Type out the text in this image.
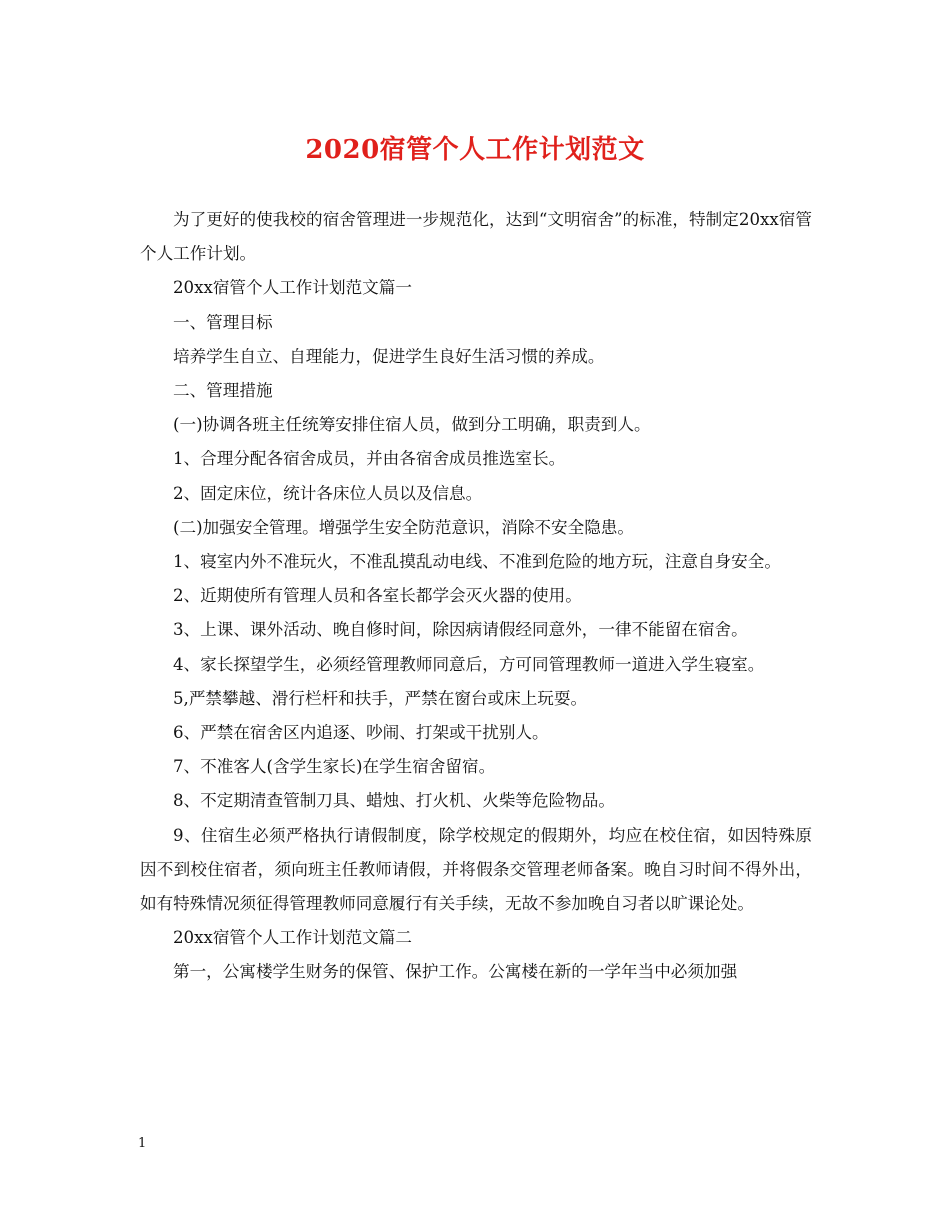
2020宿管个人工作计划范文

为了更好的使我校的宿舍管理进一步规范化，达到“文明宿舍”的标准，特制定20xx宿管个人工作计划。

20xx宿管个人工作计划范文篇一

一、管理目标

培养学生自立、自理能力，促进学生良好生活习惯的养成。

二、管理措施

(一)协调各班主任统筹安排住宿人员，做到分工明确，职责到人。

1、合理分配各宿舍成员，并由各宿舍成员推选室长。

2、固定床位，统计各床位人员以及信息。

(二)加强安全管理。增强学生安全防范意识，消除不安全隐患。

1、寝室内外不准玩火，不准乱摸乱动电线、不准到危险的地方玩，注意自身安全。

2、近期使所有管理人员和各室长都学会灭火器的使用。

3、上课、课外活动、晚自修时间，除因病请假经同意外，一律不能留在宿舍。

4、家长探望学生，必须经管理教师同意后，方可同管理教师一道进入学生寝室。

5,严禁攀越、滑行栏杆和扶手，严禁在窗台或床上玩耍。

6、严禁在宿舍区内追逐、吵闹、打架或干扰别人。

7、不准客人(含学生家长)在学生宿舍留宿。

8、不定期清查管制刀具、蜡烛、打火机、火柴等危险物品。

9、住宿生必须严格执行请假制度，除学校规定的假期外，均应在校住宿，如因特殊原因不到校住宿者，须向班主任教师请假，并将假条交管理老师备案。晚自习时间不得外出，如有特殊情况须征得管理教师同意履行有关手续，无故不参加晚自习者以旷课论处。

20xx宿管个人工作计划范文篇二

第一，公寓楼学生财务的保管、保护工作。公寓楼在新的一学年当中必须加强

1
